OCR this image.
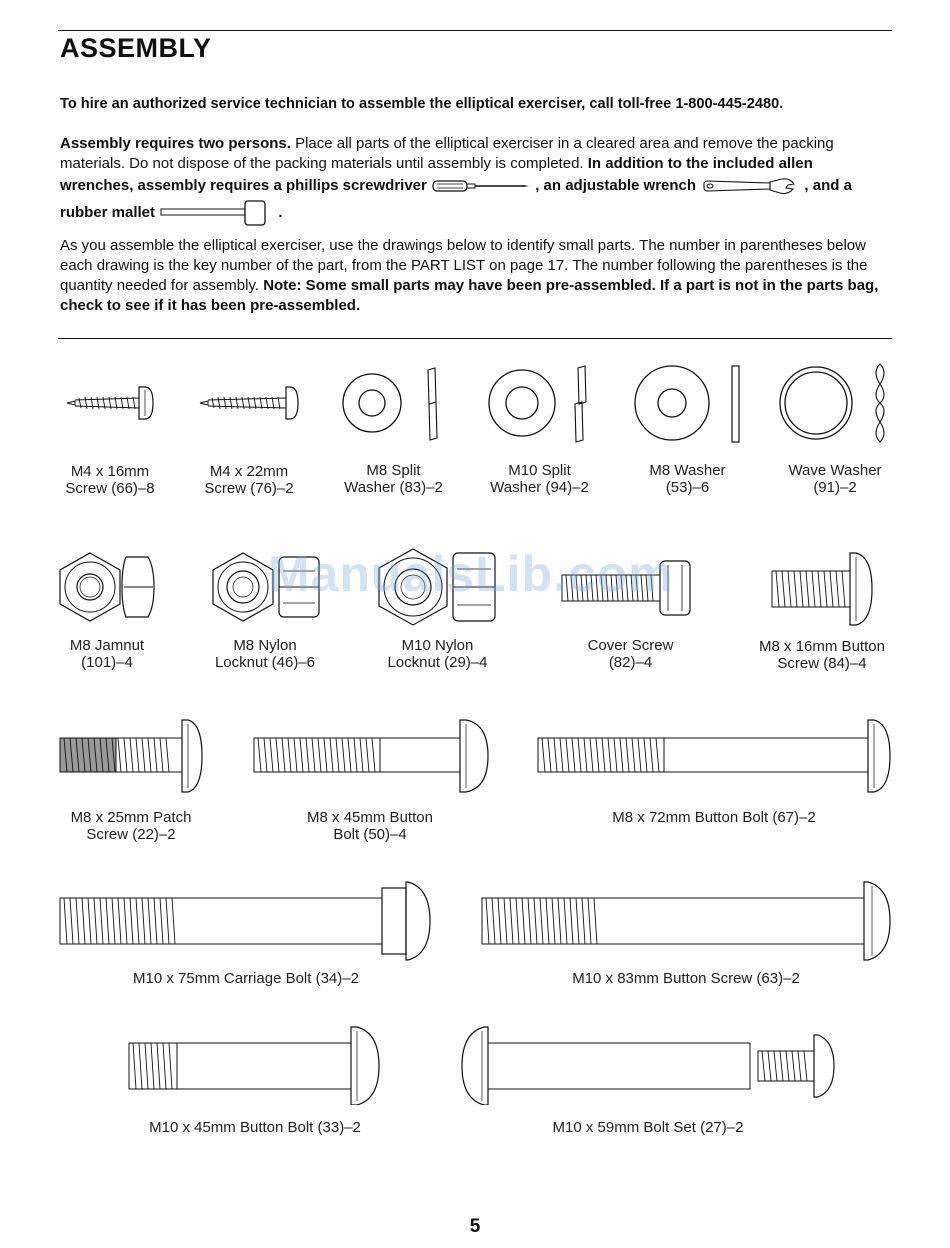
ASSEMBLY

To hire an authorized service technician to assemble the elliptical exerciser, call toll-free 1-800-445-2480.

Assembly requires two persons. Place all parts of the elliptical exerciser in a cleared area and remove the packing materials. Do not dispose of the packing materials until assembly is completed. In addition to the included allen wrenches, assembly requires a phillips screwdriver	, an adjustable wrench	, and a rubber mallet	.

As you assemble the elliptical exerciser, use the drawings below to identify small parts. The number in parentheses below each drawing is the key number of the part, from the PART LIST on page 17. The number following the parentheses is the quantity needed for assembly. Note: Some small parts may have been pre-assembled. If a part is not in the parts bag, check to see if it has been pre-assembled.

M4 x 16mm
Screw (66)–8
M4 x 22mm
Screw (76)–2
M8 Split
Washer (83)–2
M10 Split
Washer (94)–2
M8 Washer
(53)–6
Wave Washer
(91)–2
M8 Jamnut
(101)–4
M8 Nylon
Locknut (46)–6
M10 Nylon
Locknut (29)–4
Cover Screw
(82)–4
M8 x 16mm Button
Screw (84)–4
M8 x 25mm Patch
Screw (22)–2
M8 x 45mm Button
Bolt (50)–4
M8 x 72mm Button Bolt (67)–2
M10 x 75mm Carriage Bolt (34)–2	M10 x 83mm Button Screw (63)–2
M10 x 45mm Button Bolt (33)–2	M10 x 59mm Bolt Set (27)–2
ManualsLib.com
5
